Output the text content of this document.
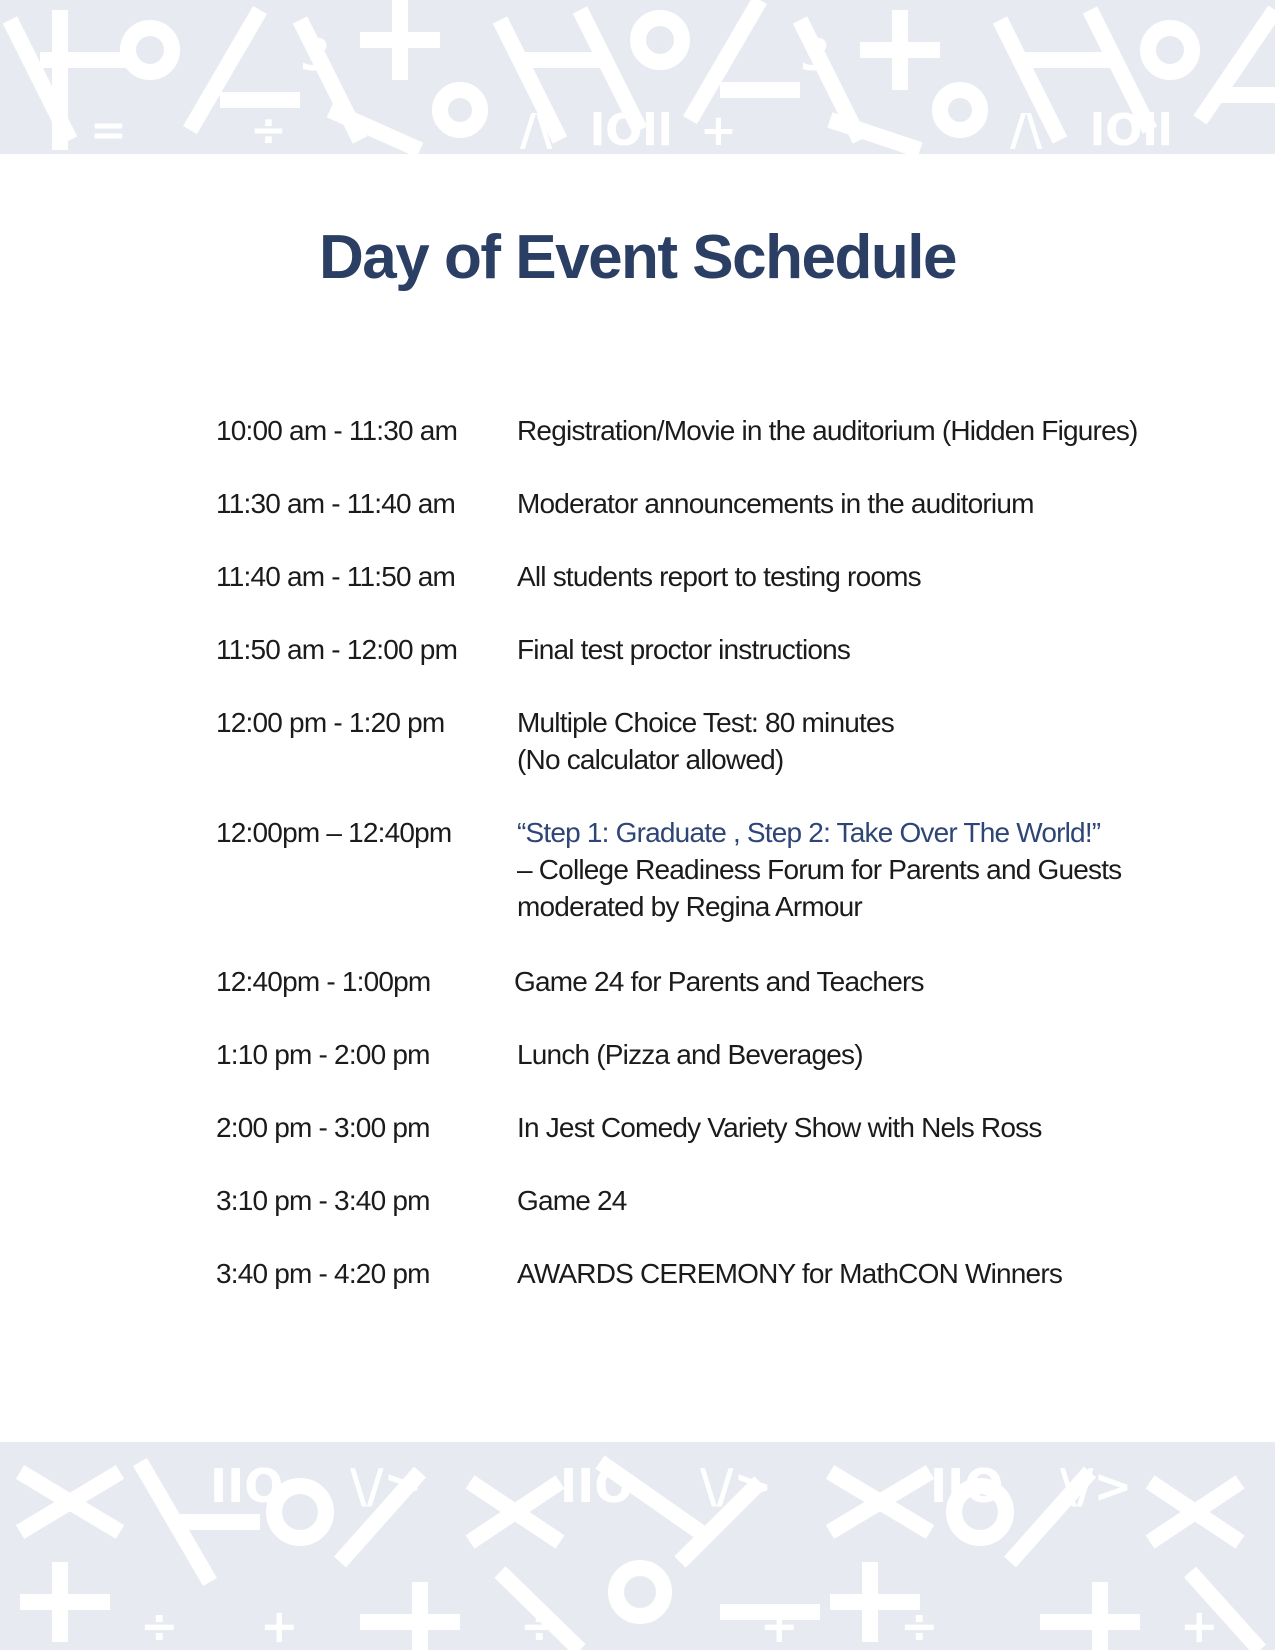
=	÷	/\ lOll +	/\ lOll
3	3
Day of Event Schedule
10:00 am - 11:30 am Registration/Movie in the auditorium (Hidden Figures)
11:30 am - 11:40 am Moderator announcements in the auditorium
11:40 am - 11:50 am All students report to testing rooms
11:50 am - 12:00 pm Final test proctor instructions
12:00 pm - 1:20 pm	Multiple Choice Test: 80 minutes
(No calculator allowed)
12:00pm – 12:40pm “Step 1: Graduate , Step 2: Take Over The World!”
– College Readiness Forum for Parents and Guests
moderated by Regina Armour
12:40pm - 1:00pm	Game 24 for Parents and Teachers
1:10 pm - 2:00 pm	Lunch (Pizza and Beverages)
2:00 pm - 3:00 pm	In Jest Comedy Variety Show with Nels Ross
3:10 pm - 3:40 pm	Game 24
3:40 pm - 4:20 pm	AWARDS CEREMONY for MathCON Winners
IIO \/>	IIO \/>	IIO \/>
÷	÷	÷
+	+	+
